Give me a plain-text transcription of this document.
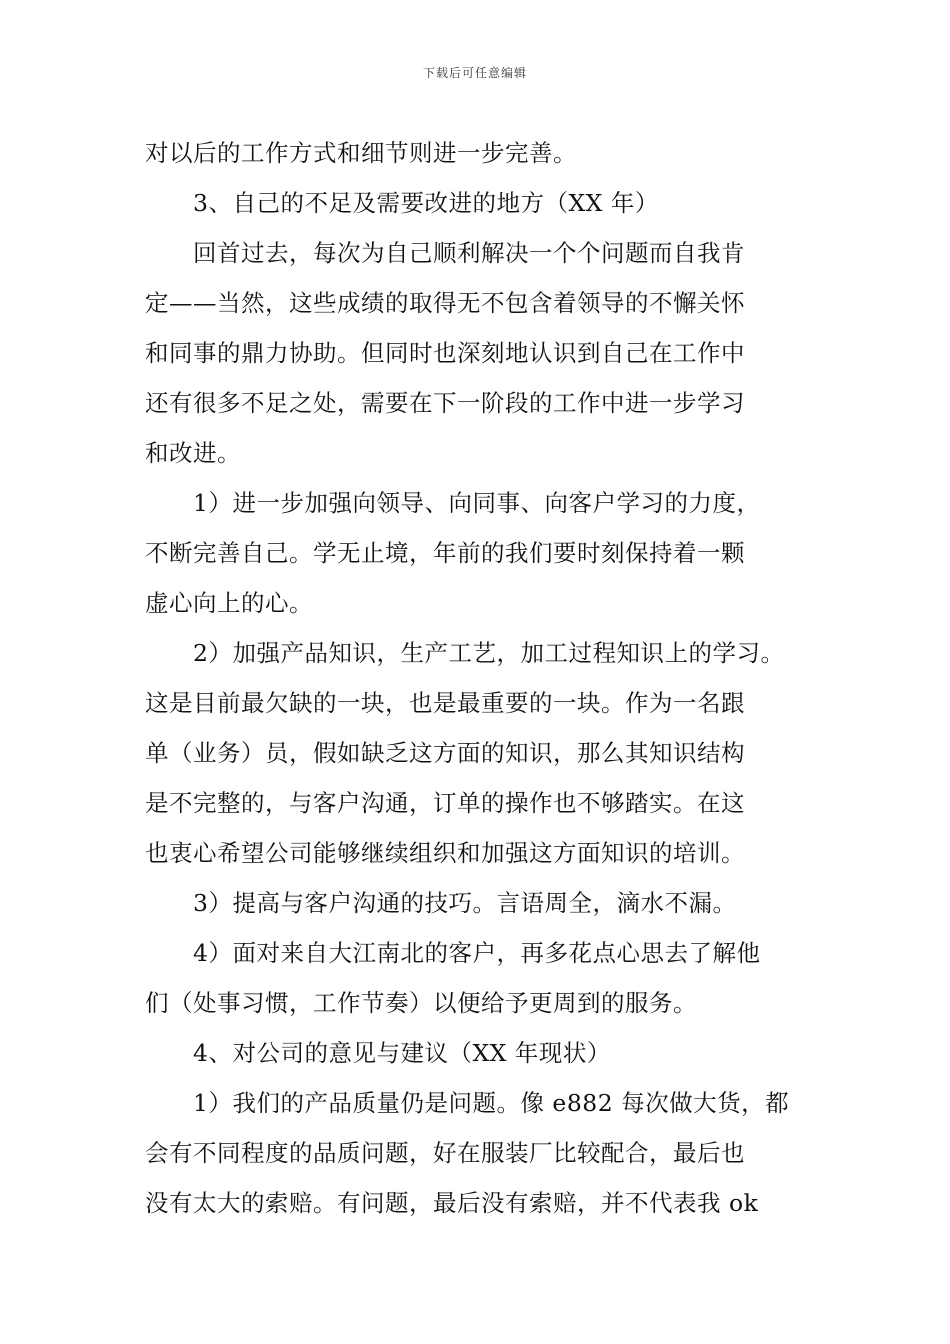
下载后可任意编辑
对以后的工作方式和细节则进一步完善。
3、自己的不足及需要改进的地方（XX 年）
回首过去，每次为自己顺利解决一个个问题而自我肯
定——当然，这些成绩的取得无不包含着领导的不懈关怀
和同事的鼎力协助。但同时也深刻地认识到自己在工作中
还有很多不足之处，需要在下一阶段的工作中进一步学习
和改进。
1）进一步加强向领导、向同事、向客户学习的力度，
不断完善自己。学无止境，年前的我们要时刻保持着一颗
虚心向上的心。
2）加强产品知识，生产工艺，加工过程知识上的学习。
这是目前最欠缺的一块，也是最重要的一块。作为一名跟
单（业务）员，假如缺乏这方面的知识，那么其知识结构
是不完整的，与客户沟通，订单的操作也不够踏实。在这
也衷心希望公司能够继续组织和加强这方面知识的培训。
3）提高与客户沟通的技巧。言语周全，滴水不漏。
4）面对来自大江南北的客户，再多花点心思去了解他
们（处事习惯，工作节奏）以便给予更周到的服务。
4、对公司的意见与建议（XX 年现状）
1）我们的产品质量仍是问题。像 e882 每次做大货，都
会有不同程度的品质问题，好在服装厂比较配合，最后也
没有太大的索赔。有问题，最后没有索赔，并不代表我 ok
